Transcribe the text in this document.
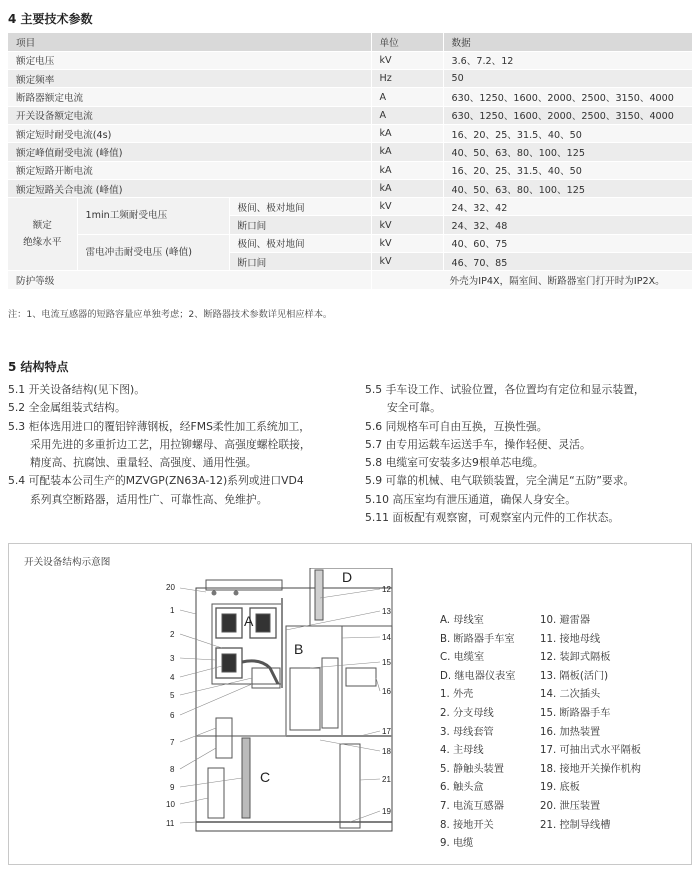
4 主要技术参数
项目			单位	数据
额定电压			kV	3.6、7.2、12
额定频率			Hz	50
断路器额定电流			A	630、1250、1600、2000、2500、3150、4000
开关设备额定电流			A	630、1250、1600、2000、2500、3150、4000
额定短时耐受电流(4s)			kA	16、20、25、31.5、40、50
额定峰值耐受电流 (峰值)			kA	40、50、63、80、100、125
额定短路开断电流			kA	16、20、25、31.5、40、50
额定短路关合电流 (峰值)			kA	40、50、63、80、100、125

额定
绝缘水平	1min工频耐受电压	极间、极对地间	kV	24、32、42
		断口间	kV	24、32、48
	雷电冲击耐受电压 (峰值)	极间、极对地间	kV	40、60、75
		断口间	kV	46、70、85
防护等级			外壳为IP4X，隔室间、断路器室门打开时为IP2X。	
注：1、电流互感器的短路容量应单独考虑；2、断路器技术参数详见相应样本。
5 结构特点
5.1 开关设备结构(见下图)。
5.2 全金属组装式结构。
5.3 柜体选用进口的覆铝锌薄钢板，经FMS柔性加工系统加工，
采用先进的多重折边工艺，用拉铆螺母、高强度螺栓联接，
精度高、抗腐蚀、重量轻、高强度、通用性强。
5.4 可配装本公司生产的MZVGP(ZN63A-12)系列或进口VD4
系列真空断路器，适用性广、可靠性高、免维护。
5.5 手车设工作、试验位置，各位置均有定位和显示装置，
安全可靠。
5.6 同规格车可自由互换，互换性强。
5.7 由专用运载车运送手车，操作轻便、灵活。
5.8 电缆室可安装多达9根单芯电缆。
5.9 可靠的机械、电气联锁装置，完全满足“五防”要求。
5.10 高压室均有泄压通道，确保人身安全。
5.11 面板配有观察窗，可观察室内元件的工作状态。
开关设备结构示意图
A
B
C
D
20
1
2
3
4
5
6
7
8
9
10
11
12
13
14
15
16
17
18
21
19
A. 母线室
B. 断路器手车室
C. 电缆室
D. 继电器仪表室
1. 外壳
2. 分支母线
3. 母线套管
4. 主母线
5. 静触头装置
6. 触头盒
7. 电流互感器
8. 接地开关
9. 电缆
10. 避雷器
11. 接地母线
12. 装卸式隔板
13. 隔板(活门)
14. 二次插头
15. 断路器手车
16. 加热装置
17. 可抽出式水平隔板
18. 接地开关操作机构
19. 底板
20. 泄压装置
21. 控制导线槽
